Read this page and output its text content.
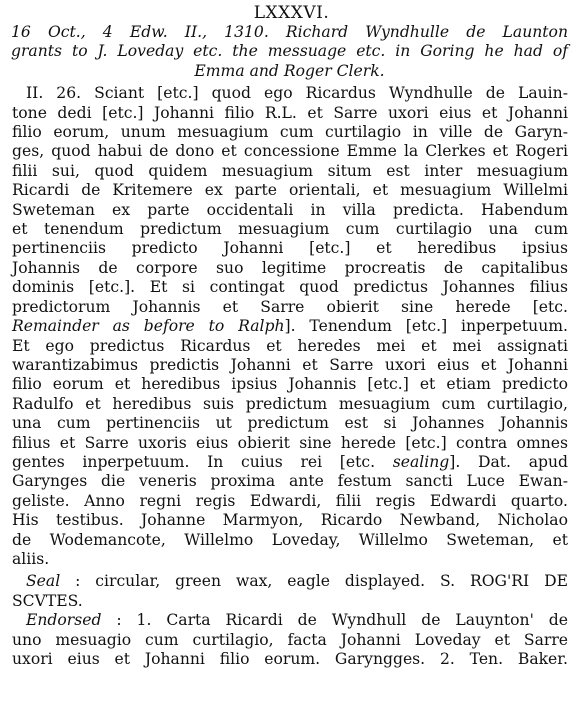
LXXXVI.
16 Oct., 4 Edw. II., 1310. Richard Wyndhulle de Launton
grants to J. Loveday etc. the messuage etc. in Goring he had of
Emma and Roger Clerk.
II. 26. Sciant [etc.] quod ego Ricardus Wyndhulle de Lauin-
tone dedi [etc.] Johanni filio R.L. et Sarre uxori eius et Johanni
filio eorum, unum mesuagium cum curtilagio in ville de Garyn-
ges, quod habui de dono et concessione Emme la Clerkes et Rogeri
filii sui, quod quidem mesuagium situm est inter mesuagium
Ricardi de Kritemere ex parte orientali, et mesuagium Willelmi
Sweteman ex parte occidentali in villa predicta. Habendum
et tenendum predictum mesuagium cum curtilagio una cum
pertinenciis predicto Johanni [etc.] et heredibus ipsius
Johannis de corpore suo legitime procreatis de capitalibus
dominis [etc.]. Et si contingat quod predictus Johannes filius
predictorum Johannis et Sarre obierit sine herede [etc.
Remainder as before to Ralph]. Tenendum [etc.] inperpetuum.
Et ego predictus Ricardus et heredes mei et mei assignati
warantizabimus predictis Johanni et Sarre uxori eius et Johanni
filio eorum et heredibus ipsius Johannis [etc.] et etiam predicto
Radulfo et heredibus suis predictum mesuagium cum curtilagio,
una cum pertinenciis ut predictum est si Johannes Johannis
filius et Sarre uxoris eius obierit sine herede [etc.] contra omnes
gentes inperpetuum. In cuius rei [etc. sealing]. Dat. apud
Garynges die veneris proxima ante festum sancti Luce Ewan-
geliste. Anno regni regis Edwardi, filii regis Edwardi quarto.
His testibus. Johanne Marmyon, Ricardo Newband, Nicholao
de Wodemancote, Willelmo Loveday, Willelmo Sweteman, et
aliis.
Seal : circular, green wax, eagle displayed. S. ROG'RI DE
SCVTES.
Endorsed : 1. Carta Ricardi de Wyndhull de Lauynton' de
uno mesuagio cum curtilagio, facta Johanni Loveday et Sarre
uxori eius et Johanni filio eorum. Garyngges. 2. Ten. Baker.
